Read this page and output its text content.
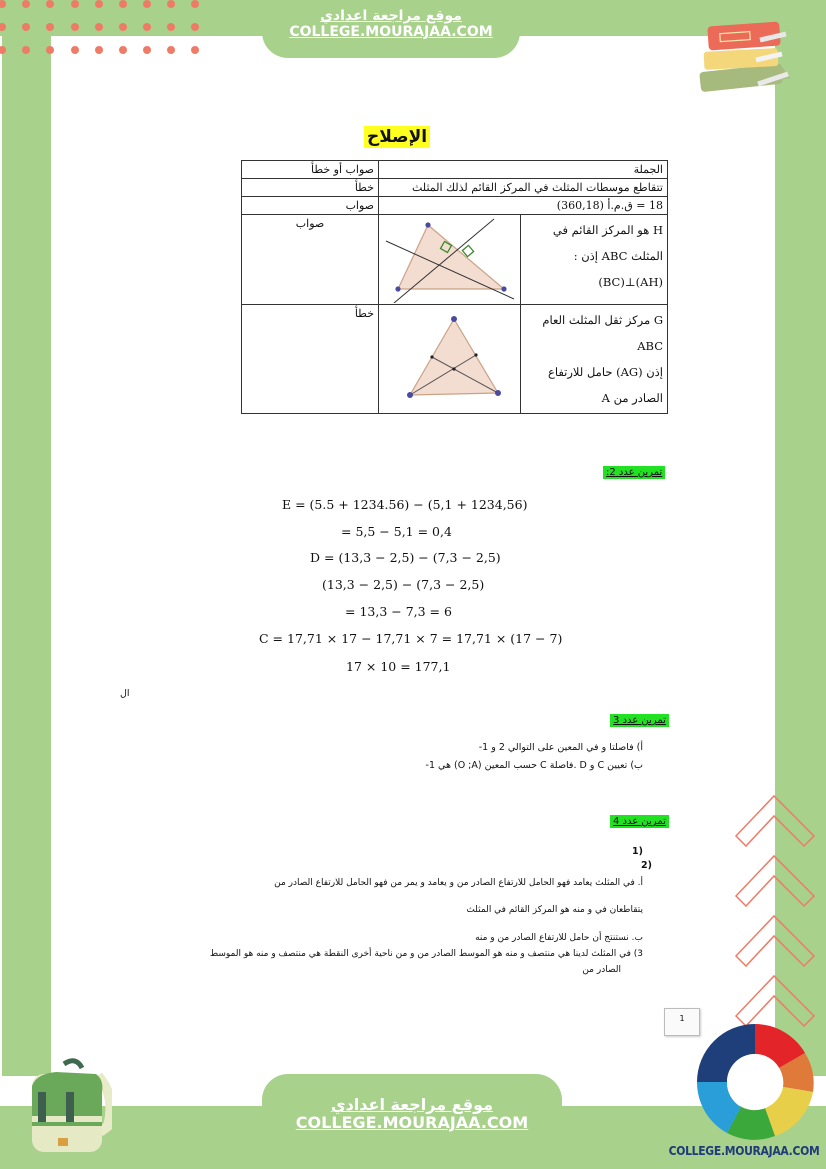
موقع مراجعة اعدادي
COLLEGE.MOURAJAA.COM
الإصلاح
الجملة		صواب أو خطأ
تتقاطع موسطات المثلث في المركز القائم لذلك المثلث		خطأ
18 = ق.م.أ (360,18)		صواب

H هو المركز القائم في
المثلث ABC إذن :
(AH)⊥(BC)		صواب

G مركز ثقل المثلث العام
ABC
إذن (AG) حامل للارتفاع
الصادر من A		خطأ
تمرين عدد 2:
E = (5.5 + 1234.56) − (5,1 + 1234,56)
= 5,5 − 5,1 = 0,4
D = (13,3 − 2,5) − (7,3 − 2,5)
(13,3 − 2,5) − (7,3 − 2,5)
= 13,3 − 7,3 = 6
C = 17,71 × 17 − 17,71 × 7 = 17,71 × (17 − 7)
17 × 10 = 177,1
ال
تمرين عدد 3
أ) فاصلتا و في المعين على التوالي 2 و 1-
ب) تعيين C و D .فاصلة C حسب المعين (O ;A) هي 1-
تمرين عدد 4
(1
(2
أ. في المثلث يعامد فهو الحامل للارتفاع الصادر من و يعامد و يمر من فهو الحامل للارتفاع الصادر من
يتقاطعان في و منه هو المركز القائم في المثلث
ب. نستنتج أن حامل للارتفاع الصادر من و منه
3) في المثلث لدينا هي منتصف و منه هو الموسط الصادر من و من ناحية أخرى النقطة هي منتصف و منه هو الموسط
الصادر من
1
COLLEGE.MOURAJAA.COM
موقع مراجعة اعدادي
COLLEGE.MOURAJAA.COM
